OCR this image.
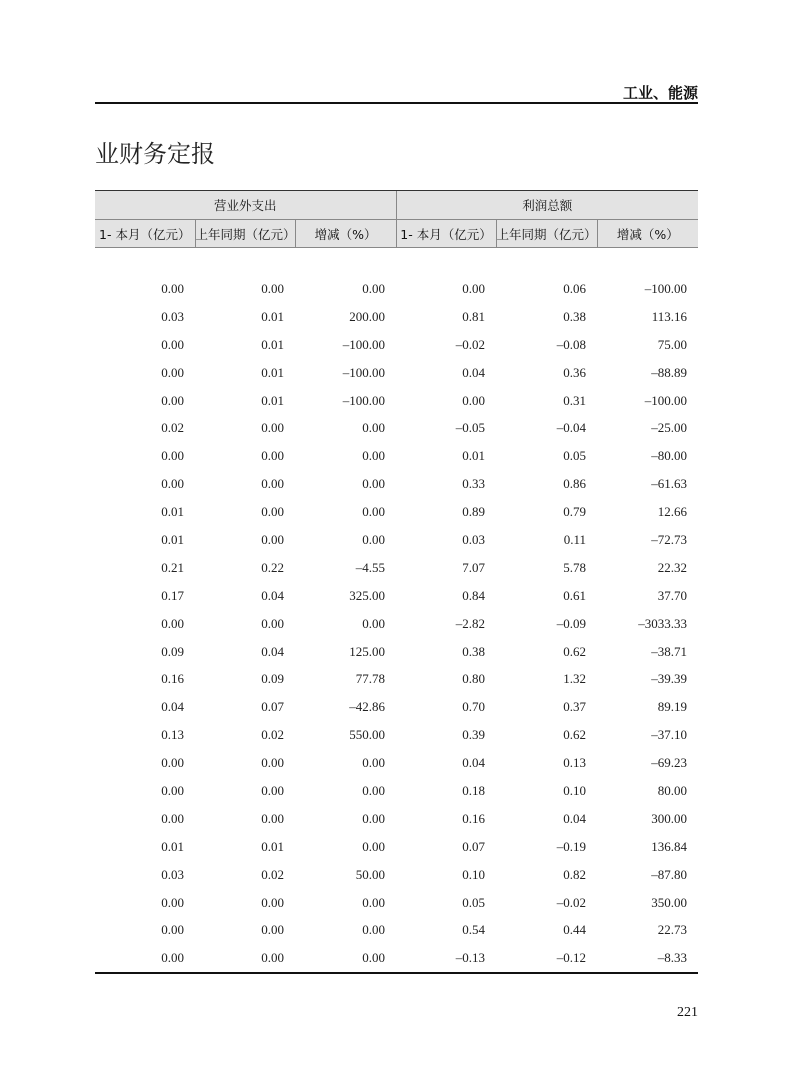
工业、能源
业财务定报
营业外支出			利润总额		
1- 本月（亿元）	上年同期（亿元）	增减（%）	1- 本月（亿元）	上年同期（亿元）	增减（%）

0.00	0.00	0.00	0.00	0.06	–100.00
0.03	0.01	200.00	0.81	0.38	113.16
0.00	0.01	–100.00	–0.02	–0.08	75.00
0.00	0.01	–100.00	0.04	0.36	–88.89
0.00	0.01	–100.00	0.00	0.31	–100.00
0.02	0.00	0.00	–0.05	–0.04	–25.00
0.00	0.00	0.00	0.01	0.05	–80.00
0.00	0.00	0.00	0.33	0.86	–61.63
0.01	0.00	0.00	0.89	0.79	12.66
0.01	0.00	0.00	0.03	0.11	–72.73
0.21	0.22	–4.55	7.07	5.78	22.32
0.17	0.04	325.00	0.84	0.61	37.70
0.00	0.00	0.00	–2.82	–0.09	–3033.33
0.09	0.04	125.00	0.38	0.62	–38.71
0.16	0.09	77.78	0.80	1.32	–39.39
0.04	0.07	–42.86	0.70	0.37	89.19
0.13	0.02	550.00	0.39	0.62	–37.10
0.00	0.00	0.00	0.04	0.13	–69.23
0.00	0.00	0.00	0.18	0.10	80.00
0.00	0.00	0.00	0.16	0.04	300.00
0.01	0.01	0.00	0.07	–0.19	136.84
0.03	0.02	50.00	0.10	0.82	–87.80
0.00	0.00	0.00	0.05	–0.02	350.00
0.00	0.00	0.00	0.54	0.44	22.73
0.00	0.00	0.00	–0.13	–0.12	–8.33
221
